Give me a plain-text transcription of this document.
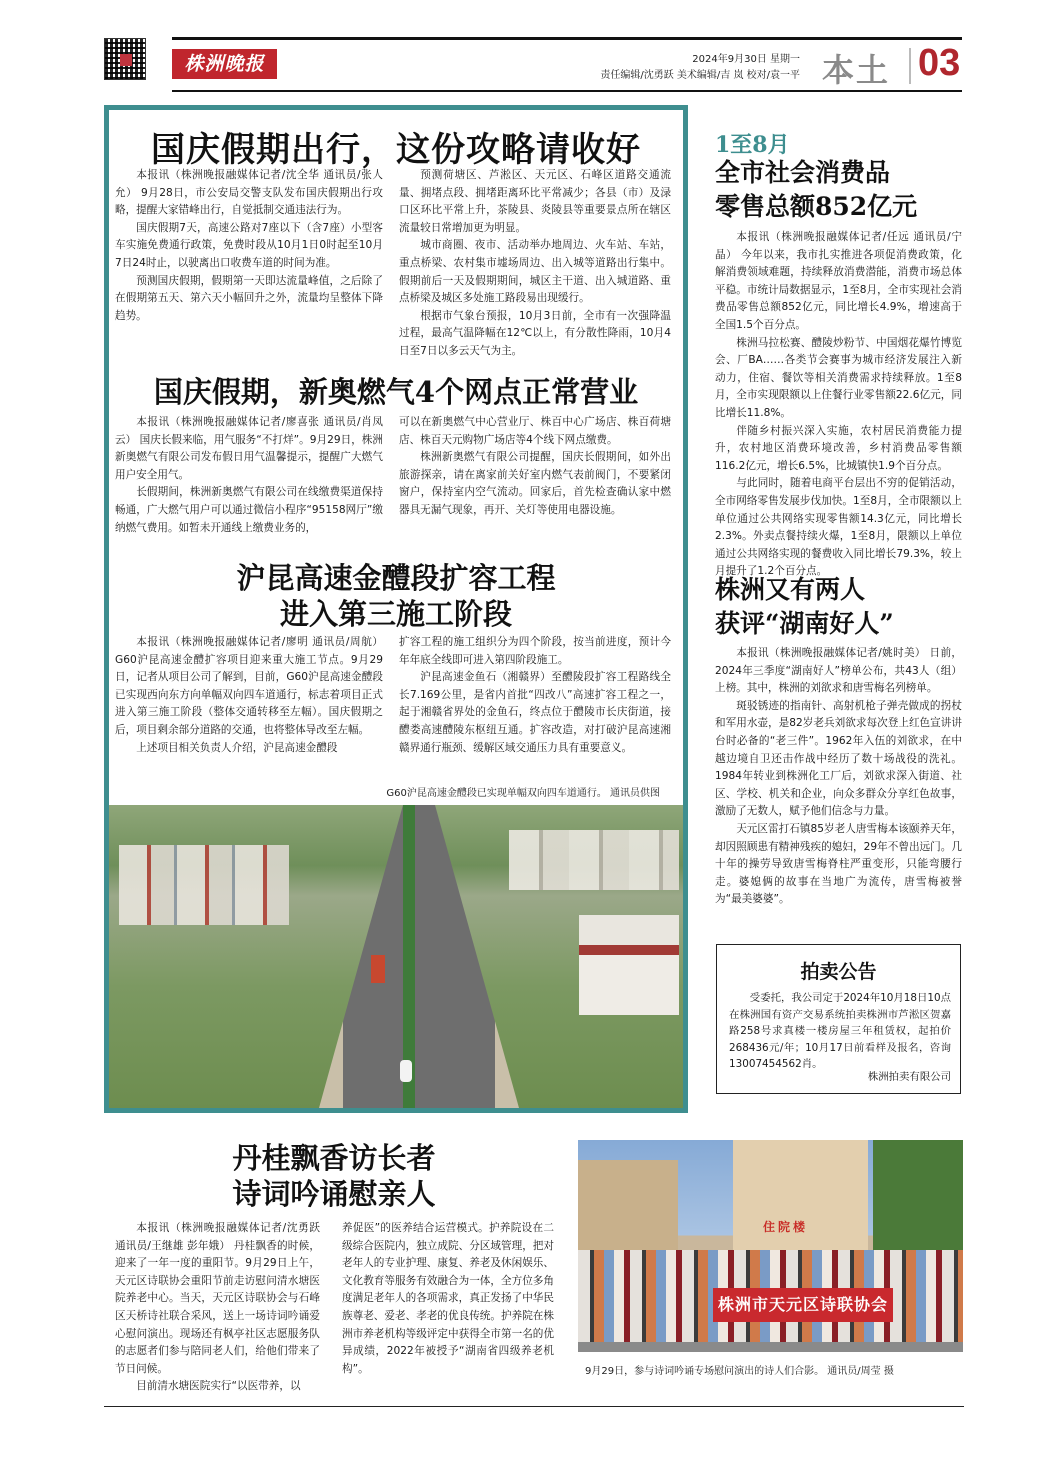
株洲晚报	2024年9月30日 星期一
责任编辑/沈勇跃 美术编辑/吉 岚 校对/袁一平 本土 03
国庆假期出行，这份攻略请收好

本报讯（株洲晚报融媒体记者/沈全华 通讯员/张人允） 9月28日，市公安局交警支队发布国庆假期出行攻略，提醒大家错峰出行，自觉抵制交通违法行为。

国庆假期7天，高速公路对7座以下（含7座）小型客车实施免费通行政策，免费时段从10月1日0时起至10月7日24时止，以驶离出口收费车道的时间为准。

预测国庆假期，假期第一天即达流量峰值，之后除了在假期第五天、第六天小幅回升之外，流量均呈整体下降趋势。

预测荷塘区、芦淞区、天元区、石峰区道路交通流量、拥堵点段、拥堵距离环比平常减少；各县（市）及渌口区环比平常上升，茶陵县、炎陵县等重要景点所在辖区流量较日常增加更为明显。

城市商圈、夜市、活动举办地周边、火车站、车站，重点桥梁、农村集市墟场周边、出入城等道路出行集中。假期前后一天及假期期间，城区主干道、出入城道路、重点桥梁及城区多处施工路段易出现缓行。

根据市气象台预报，10月3日前，全市有一次强降温过程，最高气温降幅在12℃以上，有分散性降雨，10月4日至7日以多云天气为主。

国庆假期，新奥燃气4个网点正常营业

本报讯（株洲晚报融媒体记者/廖喜张 通讯员/肖凤云） 国庆长假来临，用气服务“不打烊”。9月29日，株洲新奥燃气有限公司发布假日用气温馨提示，提醒广大燃气用户安全用气。

长假期间，株洲新奥燃气有限公司在线缴费渠道保持畅通，广大燃气用户可以通过微信小程序“95158网厅”缴纳燃气费用。如暂未开通线上缴费业务的，

可以在新奥燃气中心营业厅、株百中心广场店、株百荷塘店、株百天元购物广场店等4个线下网点缴费。

株洲新奥燃气有限公司提醒，国庆长假期间，如外出旅游探亲，请在离家前关好室内燃气表前阀门，不要紧闭窗户，保持室内空气流动。回家后，首先检查确认家中燃器具无漏气现象，再开、关灯等使用电器设施。

沪昆高速金醴段扩容工程
进入第三施工阶段

本报讯（株洲晚报融媒体记者/廖明 通讯员/周航） G60沪昆高速金醴扩容项目迎来重大施工节点。9月29日，记者从项目公司了解到，目前，G60沪昆高速金醴段已实现西向东方向单幅双向四车道通行，标志着项目正式进入第三施工阶段（整体交通转移至左幅）。国庆假期之后，项目剩余部分道路的交通，也将整体导改至左幅。

上述项目相关负责人介绍，沪昆高速金醴段

扩容工程的施工组织分为四个阶段，按当前进度，预计今年年底全线即可进入第四阶段施工。

沪昆高速金鱼石（湘赣界）至醴陵段扩容工程路线全长7.169公里，是省内首批“四改八”高速扩容工程之一，起于湘赣省界处的金鱼石，终点位于醴陵市长庆街道，接醴娄高速醴陵东枢纽互通。扩容改造，对打破沪昆高速湘赣界通行瓶颈、缓解区域交通压力具有重要意义。

G60沪昆高速金醴段已实现单幅双向四车道通行。 通讯员供图
1至8月
全市社会消费品
零售总额852亿元

本报讯（株洲晚报融媒体记者/任远 通讯员/宁晶） 今年以来，我市扎实推进各项促消费政策，化解消费领域难题，持续释放消费潜能，消费市场总体平稳。市统计局数据显示，1至8月，全市实现社会消费品零售总额852亿元，同比增长4.9%，增速高于全国1.5个百分点。

株洲马拉松赛、醴陵炒粉节、中国烟花爆竹博览会、厂BA……各类节会赛事为城市经济发展注入新动力，住宿、餐饮等相关消费需求持续释放。1至8月，全市实现限额以上住餐行业零售额22.6亿元，同比增长11.8%。

伴随乡村振兴深入实施，农村居民消费能力提升，农村地区消费环境改善，乡村消费品零售额116.2亿元，增长6.5%，比城镇快1.9个百分点。

与此同时，随着电商平台层出不穷的促销活动，全市网络零售发展步伐加快。1至8月，全市限额以上单位通过公共网络实现零售额14.3亿元，同比增长2.3%。外卖点餐持续火爆，1至8月，限额以上单位通过公共网络实现的餐费收入同比增长79.3%，较上月提升了1.2个百分点。

株洲又有两人
获评“湖南好人”

本报讯（株洲晚报融媒体记者/姚时美） 日前，2024年三季度“湖南好人”榜单公布，共43人（组）上榜。其中，株洲的刘欲求和唐雪梅名列榜单。

斑驳锈迹的指南针、高射机枪子弹壳做成的拐杖和军用水壶，是82岁老兵刘欲求每次登上红色宣讲讲台时必备的“老三件”。1962年入伍的刘欲求，在中越边境自卫还击作战中经历了数十场战役的洗礼。1984年转业到株洲化工厂后，刘欲求深入街道、社区、学校、机关和企业，向众多群众分享红色故事，激励了无数人，赋予他们信念与力量。

天元区雷打石镇85岁老人唐雪梅本该颐养天年，却因照顾患有精神残疾的媳妇，29年不曾出远门。几十年的操劳导致唐雪梅脊柱严重变形，只能弯腰行走。婆媳俩的故事在当地广为流传，唐雪梅被誉为“最美婆婆”。

拍卖公告

受委托，我公司定于2024年10月18日10点在株洲国有资产交易系统拍卖株洲市芦淞区贺嘉路258号求真楼一楼房屋三年租赁权，起拍价268436元/年；10月17日前看样及报名，咨询13007454562肖。

株洲拍卖有限公司
丹桂飘香访长者
诗词吟诵慰亲人

本报讯（株洲晚报融媒体记者/沈勇跃 通讯员/王继雄 彭年娥） 丹桂飘香的时候，迎来了一年一度的重阳节。9月29日上午，天元区诗联协会重阳节前走访慰问清水塘医院养老中心。当天，天元区诗联协会与石峰区天桥诗社联合采风，送上一场诗词吟诵爱心慰问演出。现场还有枫亭社区志愿服务队的志愿者们参与陪同老人们，给他们带来了节日问候。

目前清水塘医院实行“以医带养，以

养促医”的医养结合运营模式。护养院设在二级综合医院内，独立成院、分区域管理，把对老年人的专业护理、康复、养老及休闲娱乐、文化教育等服务有效融合为一体，全方位多角度满足老年人的各项需求，真正发扬了中华民族尊老、爱老、孝老的优良传统。护养院在株洲市养老机构等级评定中获得全市第一名的优异成绩，2022年被授予“湖南省四级养老机构”。

住院楼
株洲市天元区诗联协会
9月29日，参与诗词吟诵专场慰问演出的诗人们合影。 通讯员/周莹 摄
